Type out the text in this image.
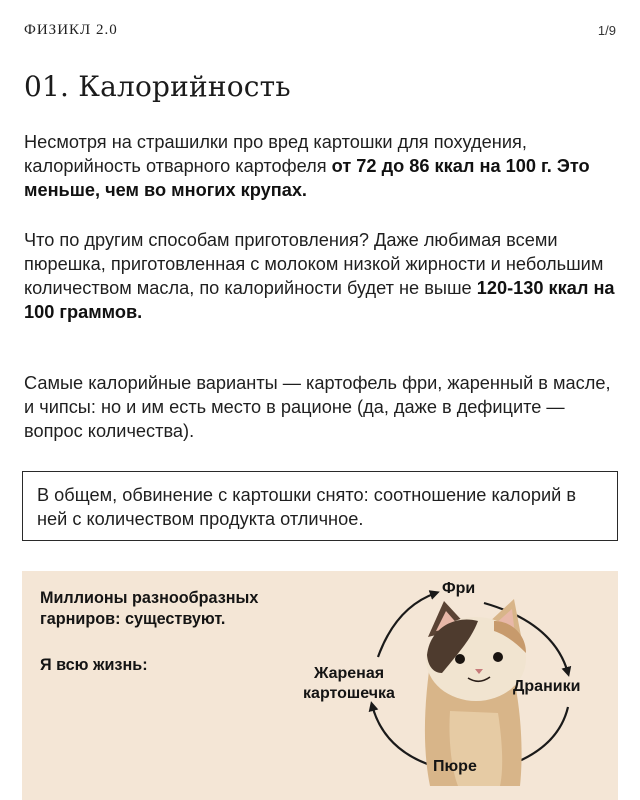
ФИЗИКЛ 2.0	1/9
01. Калорийность

Несмотря на страшилки про вред картошки для похудения, калорийность отварного картофеля от 72 до 86 ккал на 100 г. Это меньше, чем во многих крупах.

Что по другим способам приготовления? Даже любимая всеми пюрешка, приготовленная с молоком низкой жирности и небольшим количеством масла, по калорийности будет не выше 120-130 ккал на 100 граммов.

Самые калорийные варианты — картофель фри, жаренный в масле, и чипсы: но и им есть место в рационе (да, даже в дефиците — вопрос количества).

В общем, обвинение с картошки снято: соотношение калорий в ней с количеством продукта отличное.
Миллионы разнообразных гарниров: существуют.
Я всю жизнь:
Фри
Драники
Жареная картошечка
Пюре
